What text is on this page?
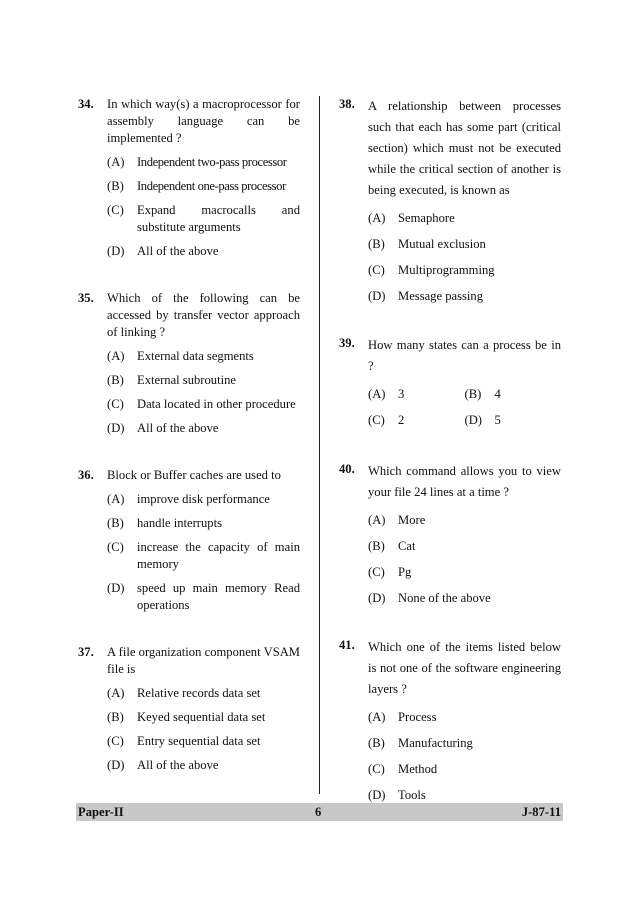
34.	In which way(s) a macroprocessor for assembly language can be implemented ?
(A) Independent two-pass processor
(B)	Independent one-pass processor
(C)	Expand macrocalls and substitute arguments
(D) All of the above
35.	Which of the following can be accessed by transfer vector approach of linking ?
(A) External data segments
(B)	External subroutine
(C)	Data located in other procedure
(D) All of the above
36.	Block or Buffer caches are used to
(A) improve disk performance
(B)	handle interrupts
(C)	increase the capacity of main memory
(D) speed up main memory Read operations
37.	A file organization component VSAM file is
(A) Relative records data set
(B)	Keyed sequential data set
(C)	Entry sequential data set
(D) All of the above
38.	A relationship between processes such that each has some part (critical section) which must not be executed while the critical section of another is being executed, is known as
(A) Semaphore
(B)	Mutual exclusion
(C)	Multiprogramming
(D) Message passing
39.	How many states can a process be in ?
(A) 3	(B)	4
(C)	2	(D) 5
40.	Which command allows you to view your file 24 lines at a time ?
(A) More
(B)	Cat
(C)	Pg
(D) None of the above
41.	Which one of the items listed below is not one of the software engineering layers ?
(A) Process
(B)	Manufacturing
(C)	Method
(D) Tools
Paper-II	6	J-87-11
